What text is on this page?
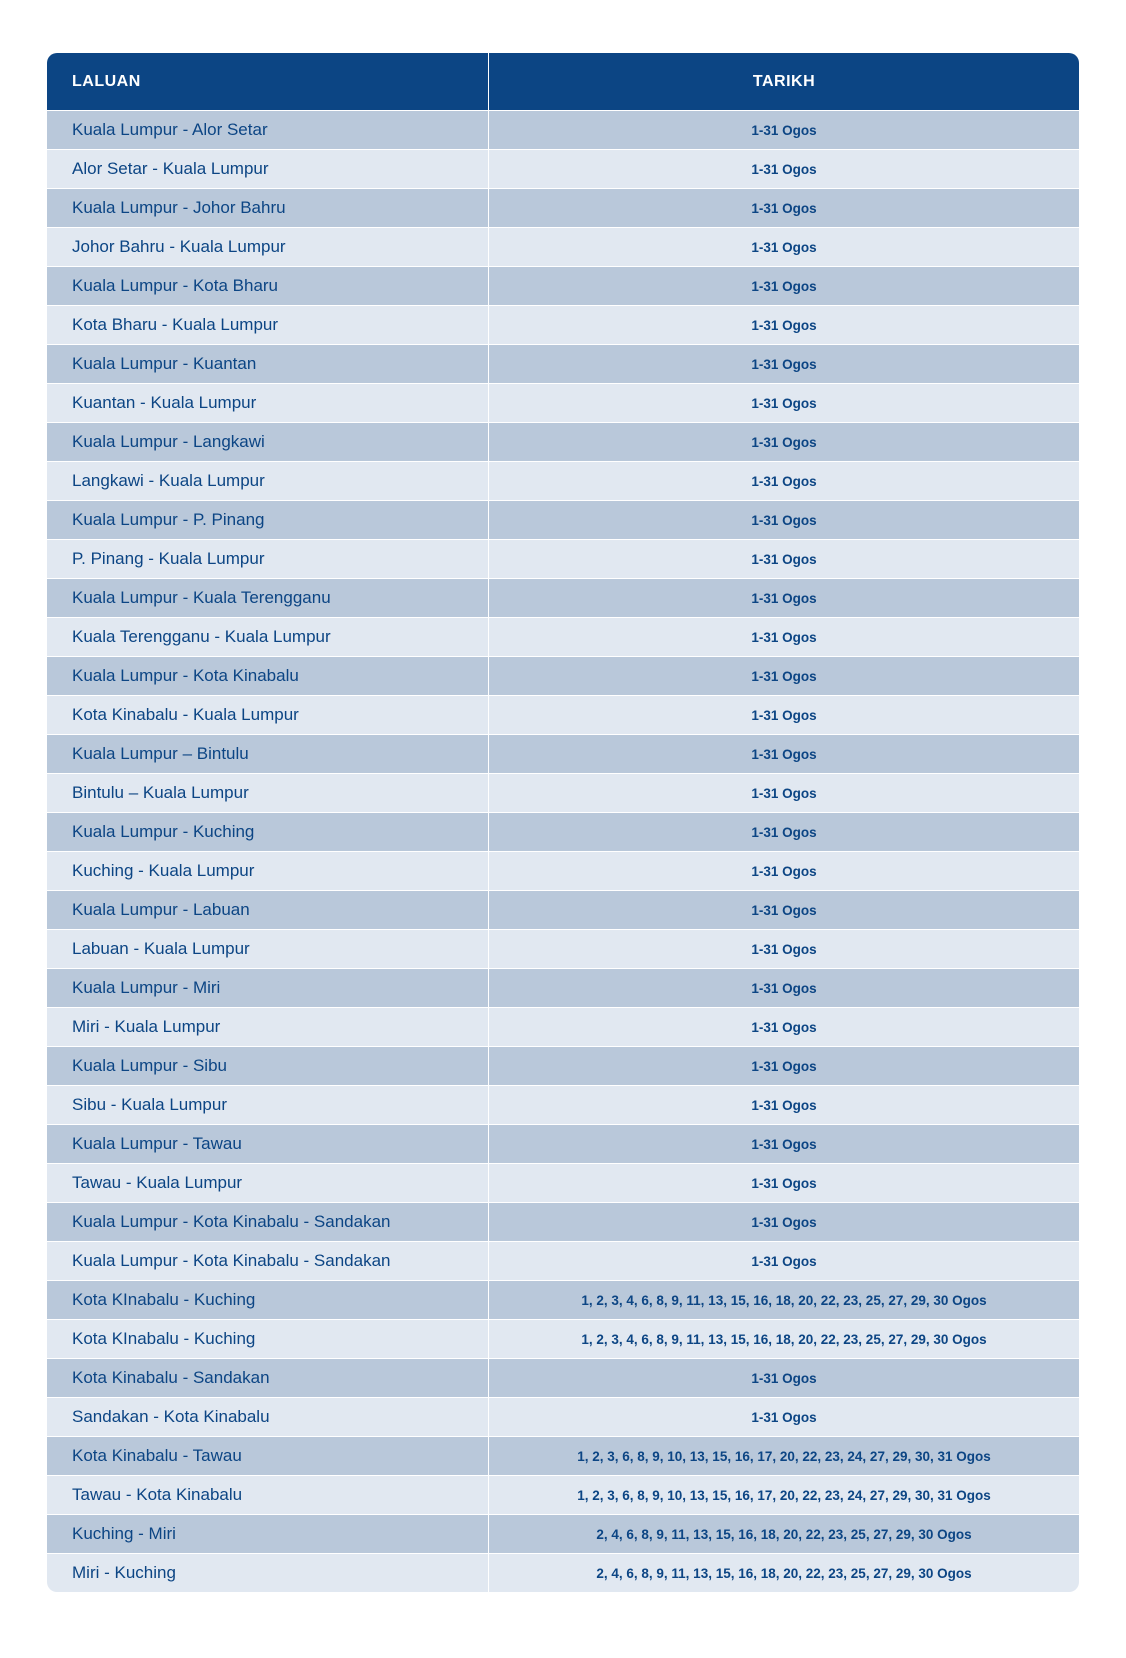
LALUAN	TARIKH
Kuala Lumpur - Alor Setar	1-31 Ogos
Alor Setar - Kuala Lumpur	1-31 Ogos
Kuala Lumpur - Johor Bahru	1-31 Ogos
Johor Bahru - Kuala Lumpur	1-31 Ogos
Kuala Lumpur - Kota Bharu	1-31 Ogos
Kota Bharu - Kuala Lumpur	1-31 Ogos
Kuala Lumpur - Kuantan	1-31 Ogos
Kuantan - Kuala Lumpur	1-31 Ogos
Kuala Lumpur - Langkawi	1-31 Ogos
Langkawi - Kuala Lumpur	1-31 Ogos
Kuala Lumpur - P. Pinang	1-31 Ogos
P. Pinang - Kuala Lumpur	1-31 Ogos
Kuala Lumpur - Kuala Terengganu	1-31 Ogos
Kuala Terengganu - Kuala Lumpur	1-31 Ogos
Kuala Lumpur - Kota Kinabalu	1-31 Ogos
Kota Kinabalu - Kuala Lumpur	1-31 Ogos
Kuala Lumpur – Bintulu	1-31 Ogos
Bintulu – Kuala Lumpur	1-31 Ogos
Kuala Lumpur - Kuching	1-31 Ogos
Kuching - Kuala Lumpur	1-31 Ogos
Kuala Lumpur - Labuan	1-31 Ogos
Labuan - Kuala Lumpur	1-31 Ogos
Kuala Lumpur - Miri	1-31 Ogos
Miri - Kuala Lumpur	1-31 Ogos
Kuala Lumpur - Sibu	1-31 Ogos
Sibu - Kuala Lumpur	1-31 Ogos
Kuala Lumpur - Tawau	1-31 Ogos
Tawau - Kuala Lumpur	1-31 Ogos
Kuala Lumpur - Kota Kinabalu - Sandakan	1-31 Ogos
Kuala Lumpur - Kota Kinabalu - Sandakan	1-31 Ogos
Kota KInabalu - Kuching	1, 2, 3, 4, 6, 8, 9, 11, 13, 15, 16, 18, 20, 22, 23, 25, 27, 29, 30 Ogos
Kota KInabalu - Kuching	1, 2, 3, 4, 6, 8, 9, 11, 13, 15, 16, 18, 20, 22, 23, 25, 27, 29, 30 Ogos
Kota Kinabalu - Sandakan	1-31 Ogos
Sandakan - Kota Kinabalu	1-31 Ogos
Kota Kinabalu - Tawau	1, 2, 3, 6, 8, 9, 10, 13, 15, 16, 17, 20, 22, 23, 24, 27, 29, 30, 31 Ogos
Tawau - Kota Kinabalu	1, 2, 3, 6, 8, 9, 10, 13, 15, 16, 17, 20, 22, 23, 24, 27, 29, 30, 31 Ogos
Kuching - Miri	2, 4, 6, 8, 9, 11, 13, 15, 16, 18, 20, 22, 23, 25, 27, 29, 30 Ogos
Miri - Kuching	2, 4, 6, 8, 9, 11, 13, 15, 16, 18, 20, 22, 23, 25, 27, 29, 30 Ogos
